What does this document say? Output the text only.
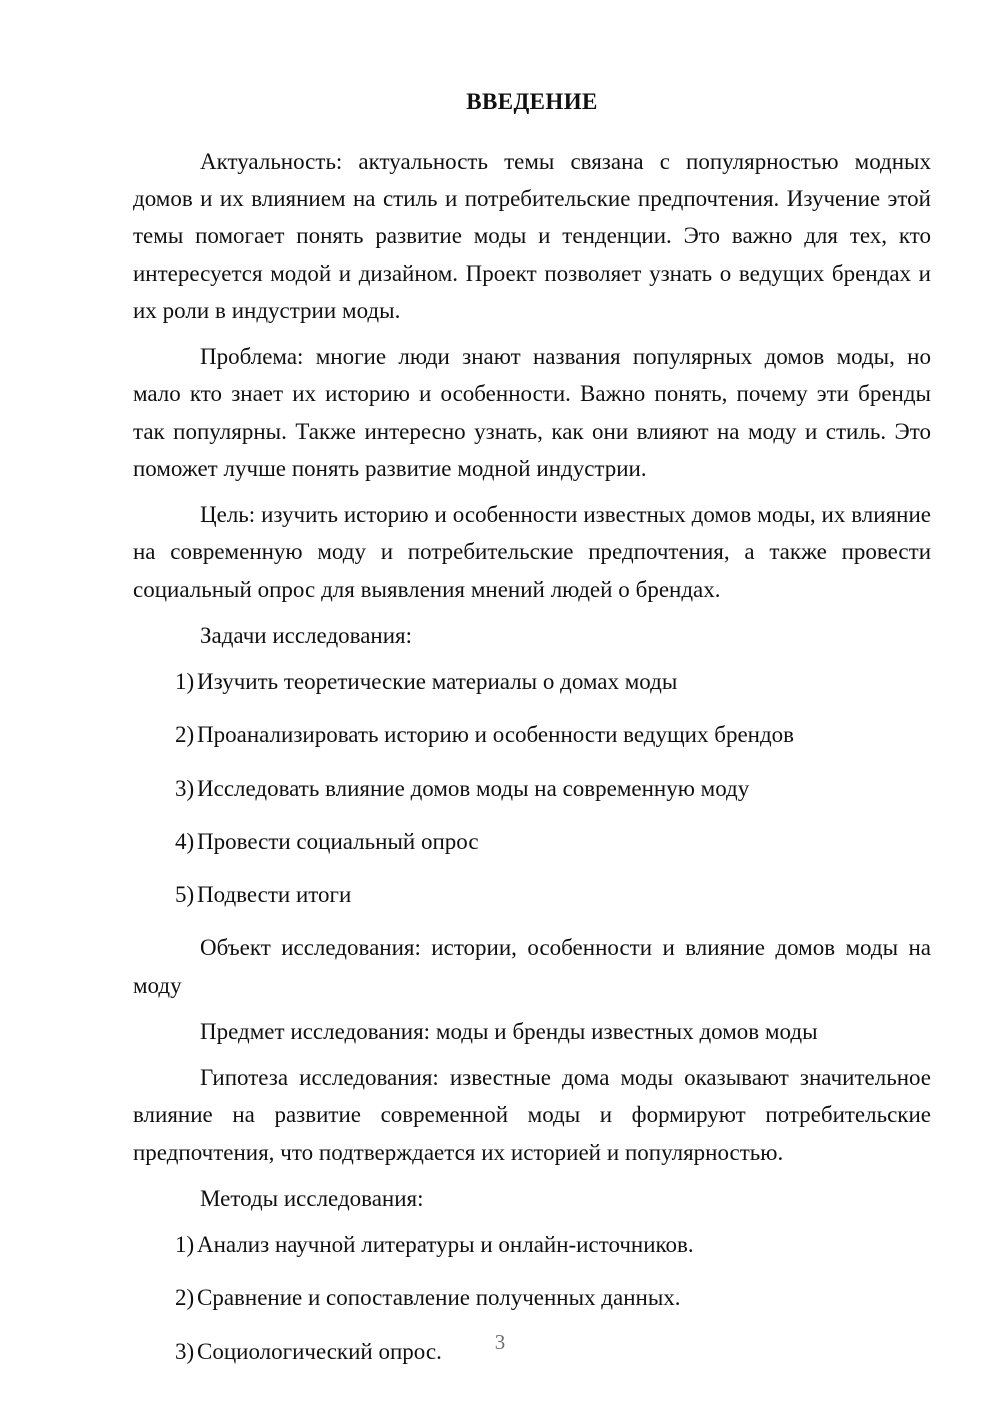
ВВЕДЕНИЕ

Актуальность: актуальность темы связана с популярностью модных домов и их влиянием на стиль и потребительские предпочтения. Изучение этой темы помогает понять развитие моды и тенденции. Это важно для тех, кто интересуется модой и дизайном. Проект позволяет узнать о ведущих брендах и их роли в индустрии моды.

Проблема: многие люди знают названия популярных домов моды, но мало кто знает их историю и особенности. Важно понять, почему эти бренды так популярны. Также интересно узнать, как они влияют на моду и стиль. Это поможет лучше понять развитие модной индустрии.

Цель: изучить историю и особенности известных домов моды, их влияние на современную моду и потребительские предпочтения, а также провести социальный опрос для выявления мнений людей о брендах.

Задачи исследования:

1) Изучить теоретические материалы о домах моды
2) Проанализировать историю и особенности ведущих брендов
3) Исследовать влияние домов моды на современную моду
4) Провести социальный опрос
5) Подвести итоги

Объект исследования: истории, особенности и влияние домов моды на моду

Предмет исследования: моды и бренды известных домов моды

Гипотеза исследования: известные дома моды оказывают значительное влияние на развитие современной моды и формируют потребительские предпочтения, что подтверждается их историей и популярностью.

Методы исследования:

1) Анализ научной литературы и онлайн-источников.
2) Сравнение и сопоставление полученных данных.
3) Социологический опрос.	3
